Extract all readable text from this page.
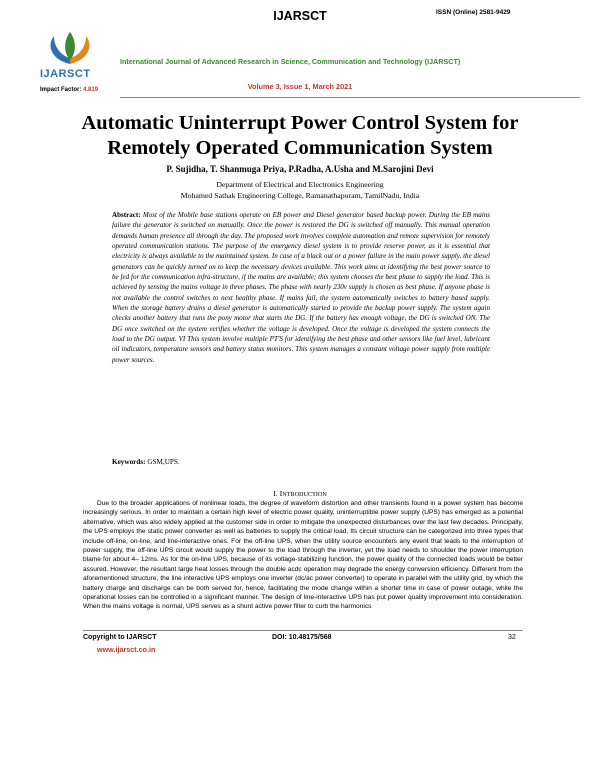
IJARSCT	ISSN (Online) 2581-9429
IJARSCT
Impact Factor: 4.819
International Journal of Advanced Research in Science, Communication and Technology (IJARSCT)
Volume 3, Issue 1, March 2021
Automatic Uninterrupt Power Control System for Remotely Operated Communication System
P. Sujidha, T. Shanmuga Priya, P.Radha, A.Usha and M.Sarojini Devi
Department of Electrical and Electronics Engineering
Mohamed Sathak Engineering College, Ramanathapuram, TamilNadu, India
Abstract: Most of the Mobile base stations operate on EB power and Diesel generator based backup power. During the EB mains failure the generator is switched on manually. Once the power is restored the DG is switched off manually. This manual operation demands human presence all through the day. The proposed work involves complete automation and remote supervision for remotely operated communication stations. The purpose of the emergency diesel system is to provide reserve power, as it is essential that electricity is always available to the maintained system. In case of a black out or a power failure in the main power supply, the diesel generators can be quickly turned on to keep the necessary devices available. This work aims at identifying the best power source to be fed for the communication infra-structure, if the mains are available; this system chooses the best phase to supply the load. This is achieved by sensing the mains voltage in three phases. The phase with nearly 230v supply is chosen as best phase. If anyone phase is not available the control switches to next healthy phase. If mains fail, the system automatically switches to battery based supply. When the storage battery drains a diesel generator is automatically started to provide the backup power supply. The system again checks another battery that runs the pony motor that starts the DG. If the battery has enough voltage, the DG is switched ON. The DG once switched on the system verifies whether the voltage is developed. Once the voltage is developed the system connects the load to the DG output. VI This system involve multiple PT'S for identifying the best phase and other sensors like fuel level, lubricant oil indicators, temperature sensors and battery status monitors. This system manages a constant voltage power supply from multiple power sources.
Keywords: GSM,UPS.
I. INTRODUCTION

Due to the broader applications of nonlinear loads, the degree of waveform distortion and other transients found in a power system has become increasingly serious. In order to maintain a certain high level of electric power quality, uninterruptible power supply (UPS) has emerged as a potential alternative, which was also widely applied at the customer side in order to mitigate the unexpected disturbances over the last few decades. Principally, the UPS employs the static power converter as well as batteries to supply the critical load. Its circuit structure can be categorized into three types that include off-line, on-line, and line-interactive ones. For the off-line UPS, when the utility source encounters any event that leads to the interruption of power supply, the off-line UPS circuit would supply the power to the load through the inverter, yet the load needs to shoulder the power interruption blame for about 4– 12ms. As for the on-line UPS, because of its voltage-stabilizing function, the power quality of the connected loads would be better assured. However, the resultant large heat losses through the double acdc operation may degrade the energy conversion efficiency. Different from the aforementioned structure, the line interactive UPS employs one inverter (dc/ac power converter) to operate in parallel with the utility grid, by which the battery charge and discharge can be both served for, hence, facilitating the mode change within a shorter time in case of power outage, while the operational losses can be controlled in a significant manner. The design of line-interactive UPS has put power quality improvement into consideration. When the mains voltage is normal, UPS serves as a shunt active power filter to curb the harmonics

Copyright to IJARSCT	DOI: 10.48175/568	32
www.ijarsct.co.in
